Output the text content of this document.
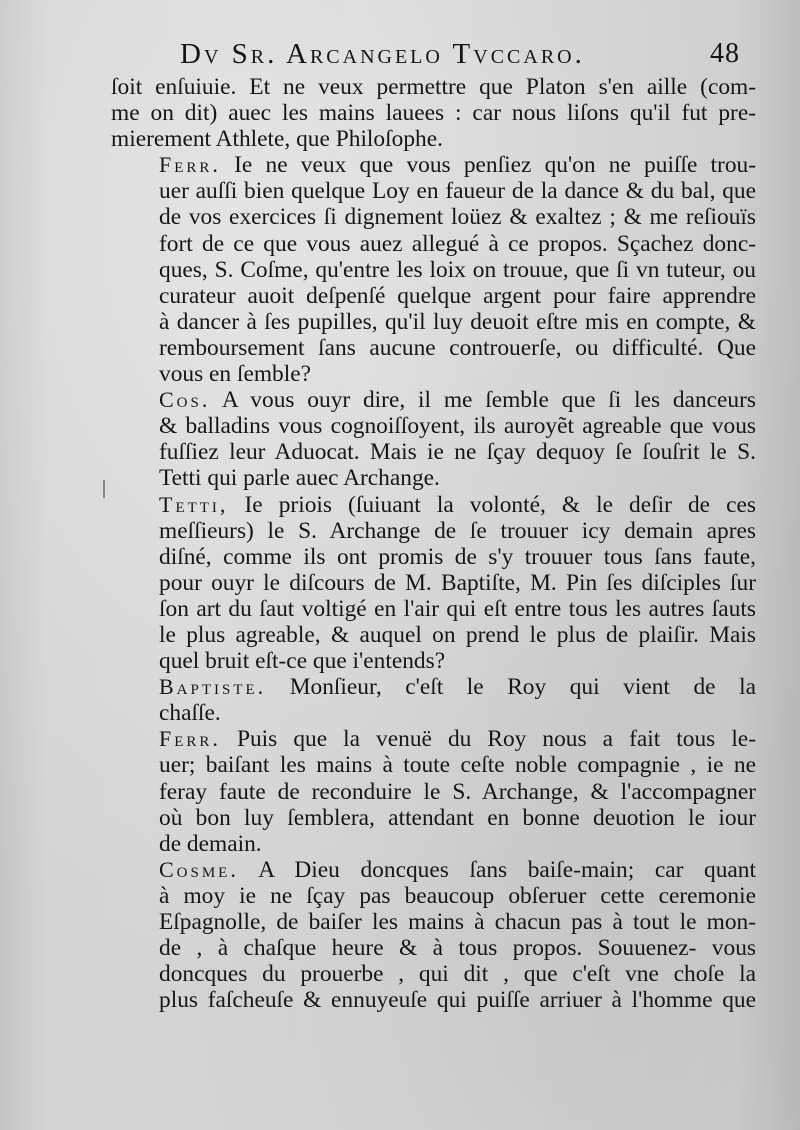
Dv Sr. Arcangelo Tvccaro.	48
ſoit enſuiuie. Et ne veux permettre que Platon s'en aille (com-
me on dit) auec les mains lauees : car nous liſons qu'il fut pre-
mierement Athlete, que Philoſophe.
Ferr. Ie ne veux que vous penſiez qu'on ne puiſſe trou-
uer auſſi bien quelque Loy en faueur de la dance & du bal, que
de vos exercices ſi dignement loüez & exaltez ; & me reſiouïs
fort de ce que vous auez allegué à ce propos. Sçachez donc-
ques, S. Coſme, qu'entre les loix on trouue, que ſi vn tuteur, ou
curateur auoit deſpenſé quelque argent pour faire apprendre
à dancer à ſes pupilles, qu'il luy deuoit eſtre mis en compte, &
remboursement ſans aucune controuerſe, ou difficulté. Que
vous en ſemble?
Cos. A vous ouyr dire, il me ſemble que ſi les danceurs
& balladins vous cognoiſſoyent, ils auroyẽt agreable que vous
fuſſiez leur Aduocat. Mais ie ne ſçay dequoy ſe ſouſrit le S.
Tetti qui parle auec Archange.
Tetti, Ie priois (ſuiuant la volonté, & le deſir de ces
meſſieurs) le S. Archange de ſe trouuer icy demain apres
diſné, comme ils ont promis de s'y trouuer tous ſans faute,
pour ouyr le diſcours de M. Baptiſte, M. Pin ſes diſciples ſur
ſon art du ſaut voltigé en l'air qui eſt entre tous les autres ſauts
le plus agreable, & auquel on prend le plus de plaiſir. Mais
quel bruit eſt-ce que i'entends?
Baptiste. Monſieur, c'eſt le Roy qui vient de la
chaſſe.
Ferr. Puis que la venuë du Roy nous a fait tous le-
uer; baiſant les mains à toute ceſte noble compagnie , ie ne
feray faute de reconduire le S. Archange, & l'accompagner
où bon luy ſemblera, attendant en bonne deuotion le iour
de demain.
Cosme. A Dieu doncques ſans baiſe-main; car quant
à moy ie ne ſçay pas beaucoup obſeruer cette ceremonie
Eſpagnolle, de baiſer les mains à chacun pas à tout le mon-
de , à chaſque heure & à tous propos. Souuenez- vous
doncques du prouerbe , qui dit , que c'eſt vne choſe la
plus faſcheuſe & ennuyeuſe qui puiſſe arriuer à l'homme que
